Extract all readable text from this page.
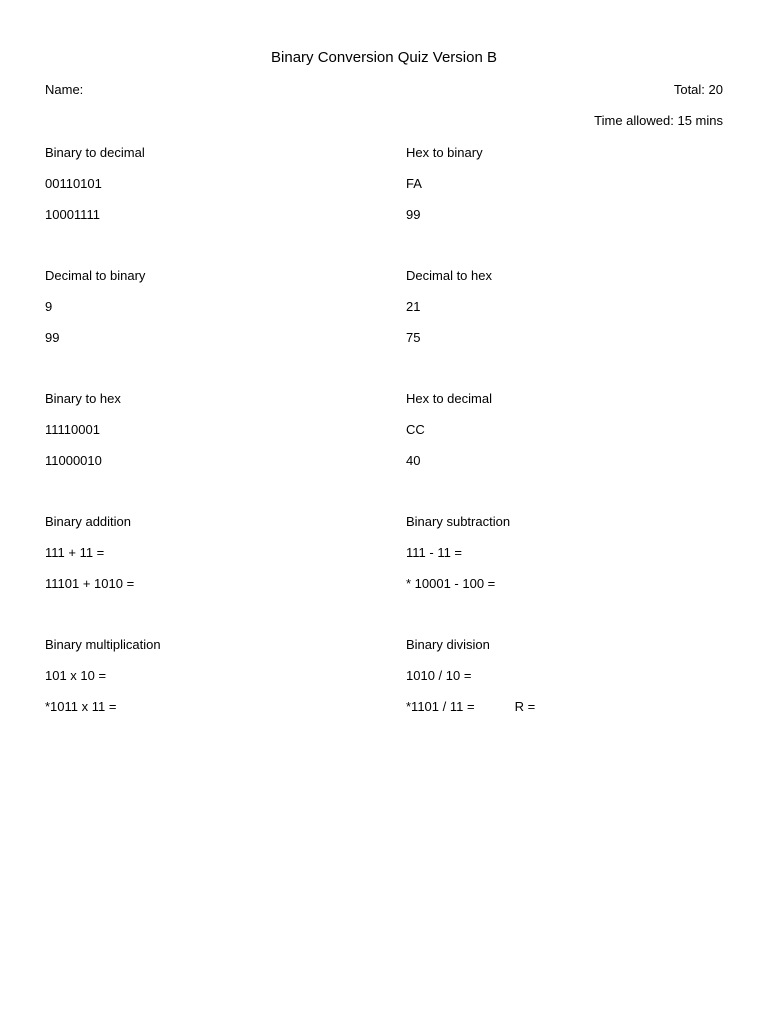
Binary Conversion Quiz Version B
Name:	Total: 20
Time allowed: 15 mins
Binary to decimal
00110101
10001111
Hex to binary
FA
99
Decimal to binary
9
99
Decimal to hex
21
75
Binary to hex
11110001
11000010
Hex to decimal
CC
40
Binary addition
111 + 11 =
11101 + 1010 =
Binary subtraction
111 - 11 =
* 10001 - 100 =
Binary multiplication
101 x 10 =
*1011 x 11 =
Binary division
1010 / 10 =
*1101 / 11 =	R =
